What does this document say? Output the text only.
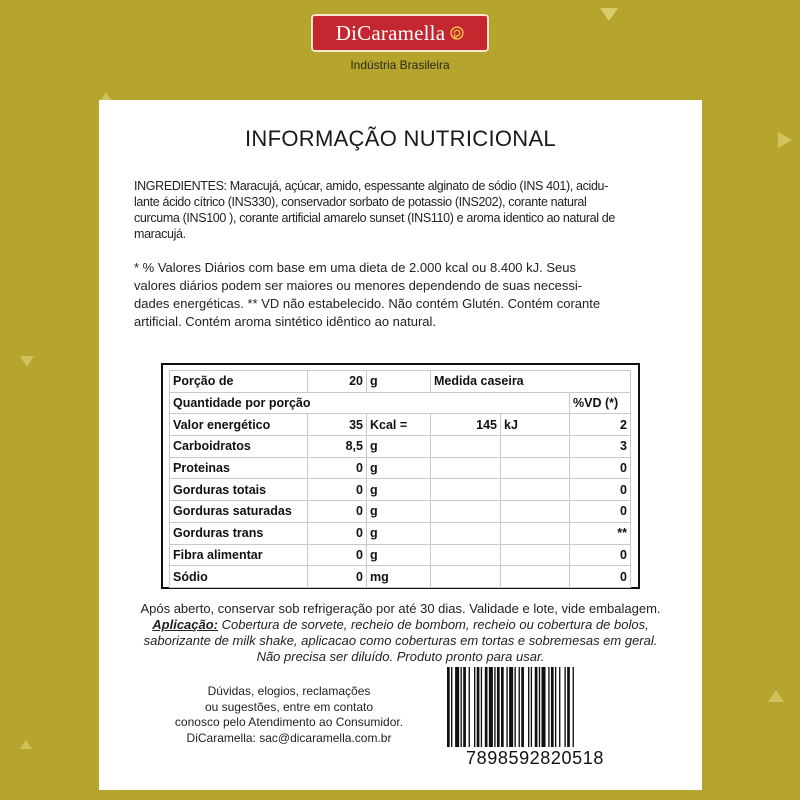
DiCaramella
Indústria Brasileira
INFORMAÇÃO NUTRICIONAL
INGREDIENTES: Maracujá, açúcar, amido, espessante alginato de sódio (INS 401), acidu-
lante ácido cítrico (INS330), conservador sorbato de potassio (INS202), corante natural
curcuma (INS100 ), corante artificial amarelo sunset (INS110) e aroma identico ao natural de
maracujá.
* % Valores Diários com base em uma dieta de 2.000 kcal ou 8.400 kJ. Seus
valores diários podem ser maiores ou menores dependendo de suas necessi-
dades energéticas. ** VD não estabelecido. Não contém Glutén. Contém corante
artificial. Contém aroma sintético idêntico ao natural.
Porção de	20	g	Medida caseira		
Quantidade por porção					%VD (*)
Valor energético	35	Kcal =	145	kJ	2
Carboidratos	8,5	g			3
Proteinas	0	g			0
Gorduras totais	0	g			0
Gorduras saturadas	0	g			0
Gorduras trans	0	g			**
Fibra alimentar	0	g			0
Sódio	0	mg			0
Após aberto, conservar sob refrigeração por até 30 dias. Validade e lote, vide embalagem.
Aplicação: Cobertura de sorvete, recheio de bombom, recheio ou cobertura de bolos,
saborizante de milk shake, aplicacao como coberturas em tortas e sobremesas em geral.
Não precisa ser diluído. Produto pronto para usar.
Dúvidas, elogios, reclamações
ou sugestões, entre em contato
conosco pelo Atendimento ao Consumidor.
DiCaramella: sac@dicaramella.com.br
7898592820518
